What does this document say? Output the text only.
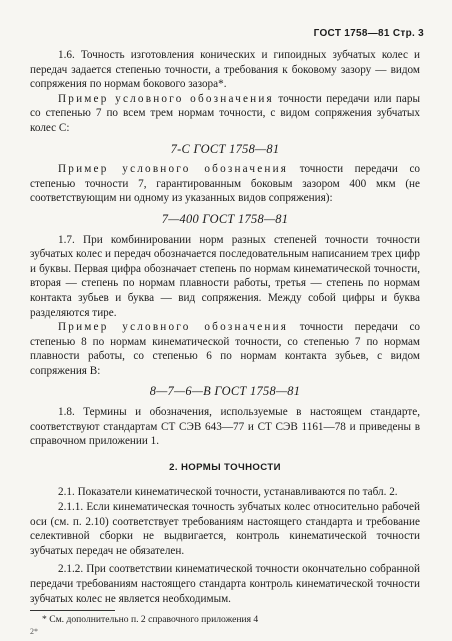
ГОСТ 1758—81 Стр. 3

1.6. Точность изготовления конических и гипоидных зубчатых колес и передач задается степенью точности, а требования к боковому зазору — видом сопряжения по нормам бокового зазора*.

Пример условного обозначения точности передачи или пары со степенью 7 по всем трем нормам точности, с видом сопряжения зубчатых колес С:

7-С ГОСТ 1758—81

Пример условного обозначения точности передачи со степенью точности 7, гарантированным боковым зазором 400 мкм (не соответствующим ни одному из указанных видов сопряжения):

7—400 ГОСТ 1758—81

1.7. При комбинировании норм разных степеней точности точности зубчатых колес и передач обозначается последовательным написанием трех цифр и буквы. Первая цифра обозначает степень по нормам кинематической точности, вторая — степень по нормам плавности работы, третья — степень по нормам контакта зубьев и буква — вид сопряжения. Между собой цифры и буква разделяются тире.

Пример условного обозначения точности передачи со степенью 8 по нормам кинематической точности, со степенью 7 по нормам плавности работы, со степенью 6 по нормам контакта зубьев, с видом сопряжения В:

8—7—6—В ГОСТ 1758—81

1.8. Термины и обозначения, используемые в настоящем стандарте, соответствуют стандартам СТ СЭВ 643—77 и СТ СЭВ 1161—78 и приведены в справочном приложении 1.

2. НОРМЫ ТОЧНОСТИ

2.1. Показатели кинематической точности, устанавливаются по табл. 2.

2.1.1. Если кинематическая точность зубчатых колес относительно рабочей оси (см. п. 2.10) соответствует требованиям настоящего стандарта и требование селективной сборки не выдвигается, контроль кинематической точности зубчатых передач не обязателен.

2.1.2. При соответствии кинематической точности окончательно собранной передачи требованиям настоящего стандарта контроль кинематической точности зубчатых колес не является необходимым.

* См. дополнительно п. 2 справочного приложения 4
2*
